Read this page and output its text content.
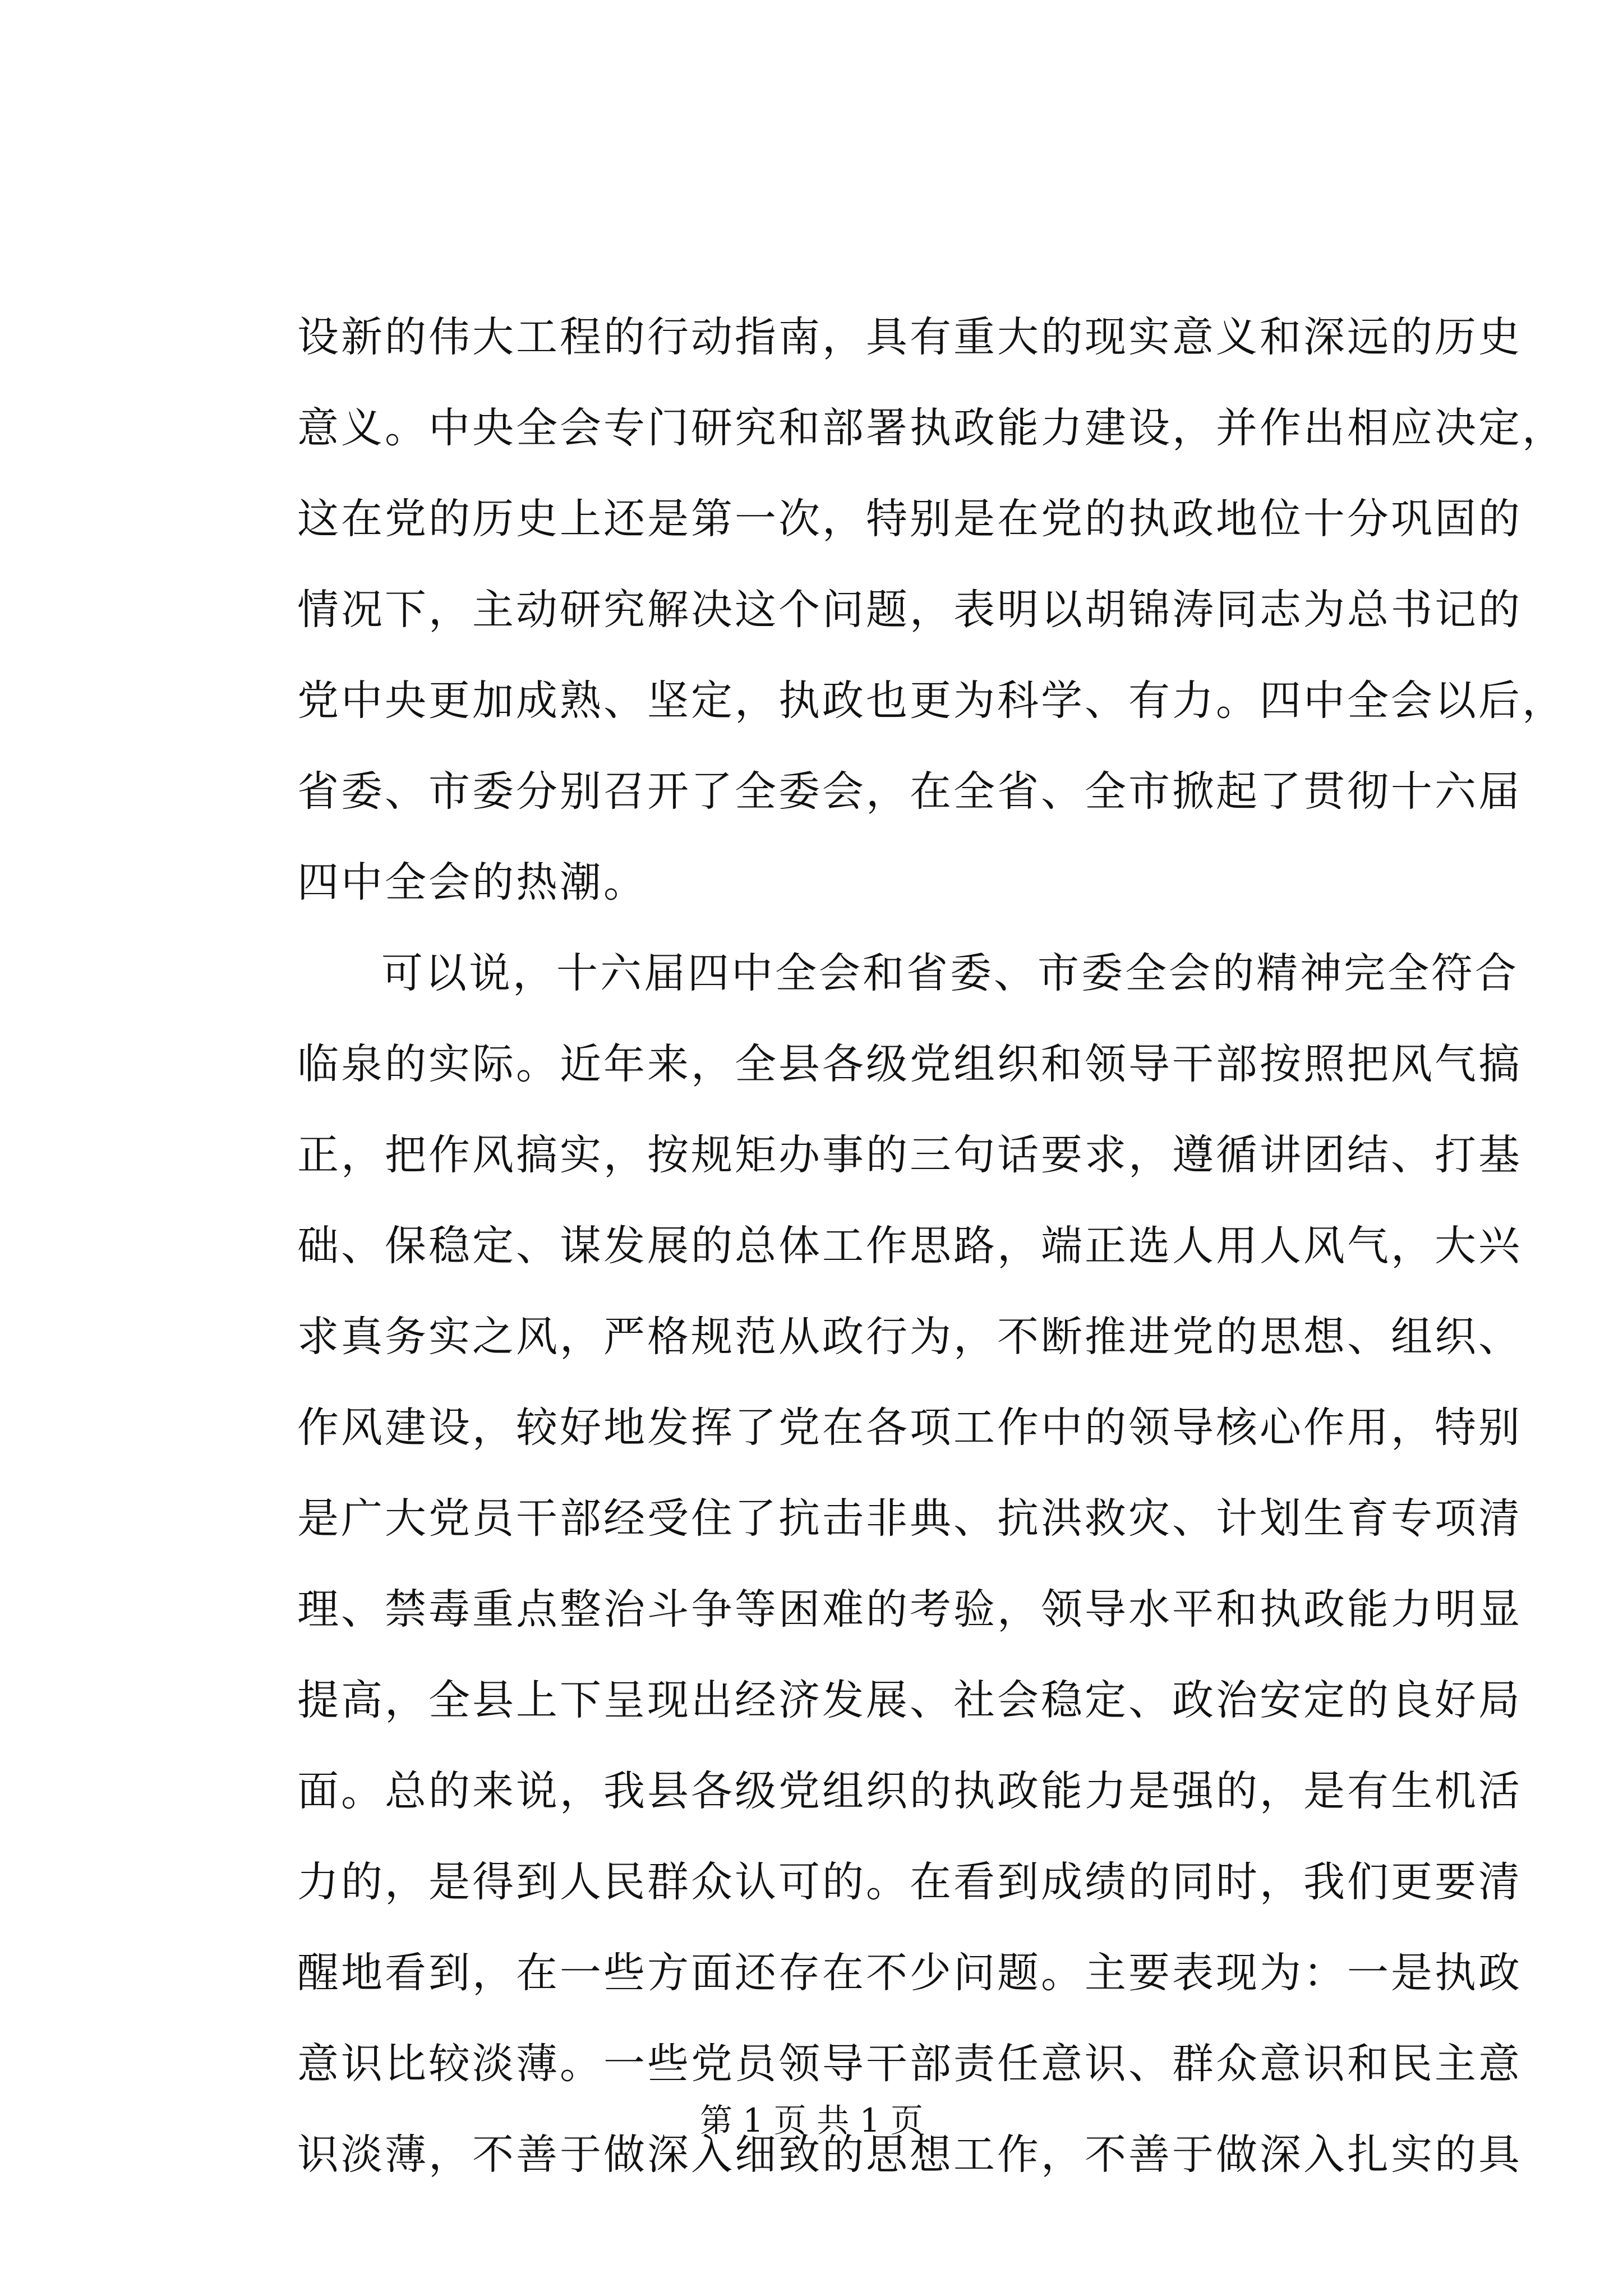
设新的伟大工程的行动指南，具有重大的现实意义和深远的历史
意义。中央全会专门研究和部署执政能力建设，并作出相应决定，
这在党的历史上还是第一次，特别是在党的执政地位十分巩固的
情况下，主动研究解决这个问题，表明以胡锦涛同志为总书记的
党中央更加成熟、坚定，执政也更为科学、有力。四中全会以后，
省委、市委分别召开了全委会，在全省、全市掀起了贯彻十六届
四中全会的热潮。
可以说，十六届四中全会和省委、市委全会的精神完全符合
临泉的实际。近年来，全县各级党组织和领导干部按照把风气搞
正，把作风搞实，按规矩办事的三句话要求，遵循讲团结、打基
础、保稳定、谋发展的总体工作思路，端正选人用人风气，大兴
求真务实之风，严格规范从政行为，不断推进党的思想、组织、
作风建设，较好地发挥了党在各项工作中的领导核心作用，特别
是广大党员干部经受住了抗击非典、抗洪救灾、计划生育专项清
理、禁毒重点整治斗争等困难的考验，领导水平和执政能力明显
提高，全县上下呈现出经济发展、社会稳定、政治安定的良好局
面。总的来说，我县各级党组织的执政能力是强的，是有生机活
力的，是得到人民群众认可的。在看到成绩的同时，我们更要清
醒地看到，在一些方面还存在不少问题。主要表现为：一是执政
意识比较淡薄。一些党员领导干部责任意识、群众意识和民主意
识淡薄，不善于做深入细致的思想工作，不善于做深入扎实的具
第 1 页 共 1 页
